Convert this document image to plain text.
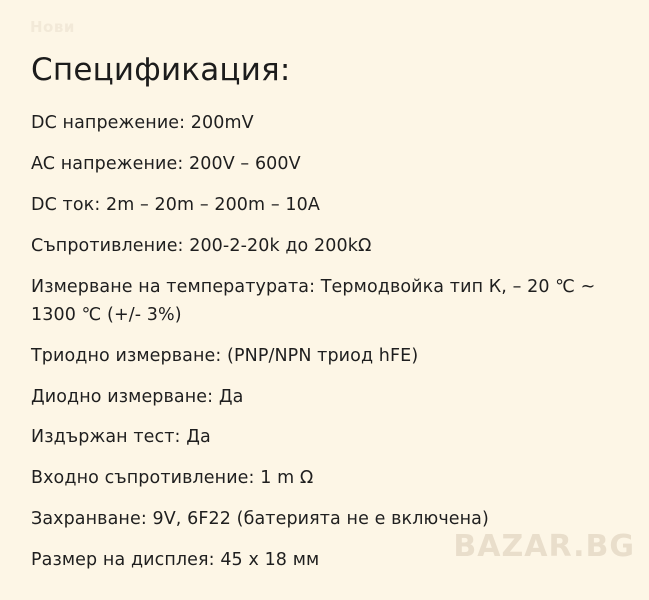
Нови
Спецификация:
DC напрежение: 200mV
AC напрежение: 200V – 600V
DC ток: 2m – 20m – 200m – 10A
Съпротивление: 200-2-20k до 200kΩ
Измерване на температурата: Термодвойка тип К, – 20 ℃ ~ 1300 ℃ (+/- 3%)
Триодно измерване: (PNP/NPN триод hFE)
Диодно измерване: Да
Издържан тест: Да
Входно съпротивление: 1 m Ω
Захранване: 9V, 6F22 (батерията не е включена)
Размер на дисплея: 45 x 18 мм	BAZAR.BG
